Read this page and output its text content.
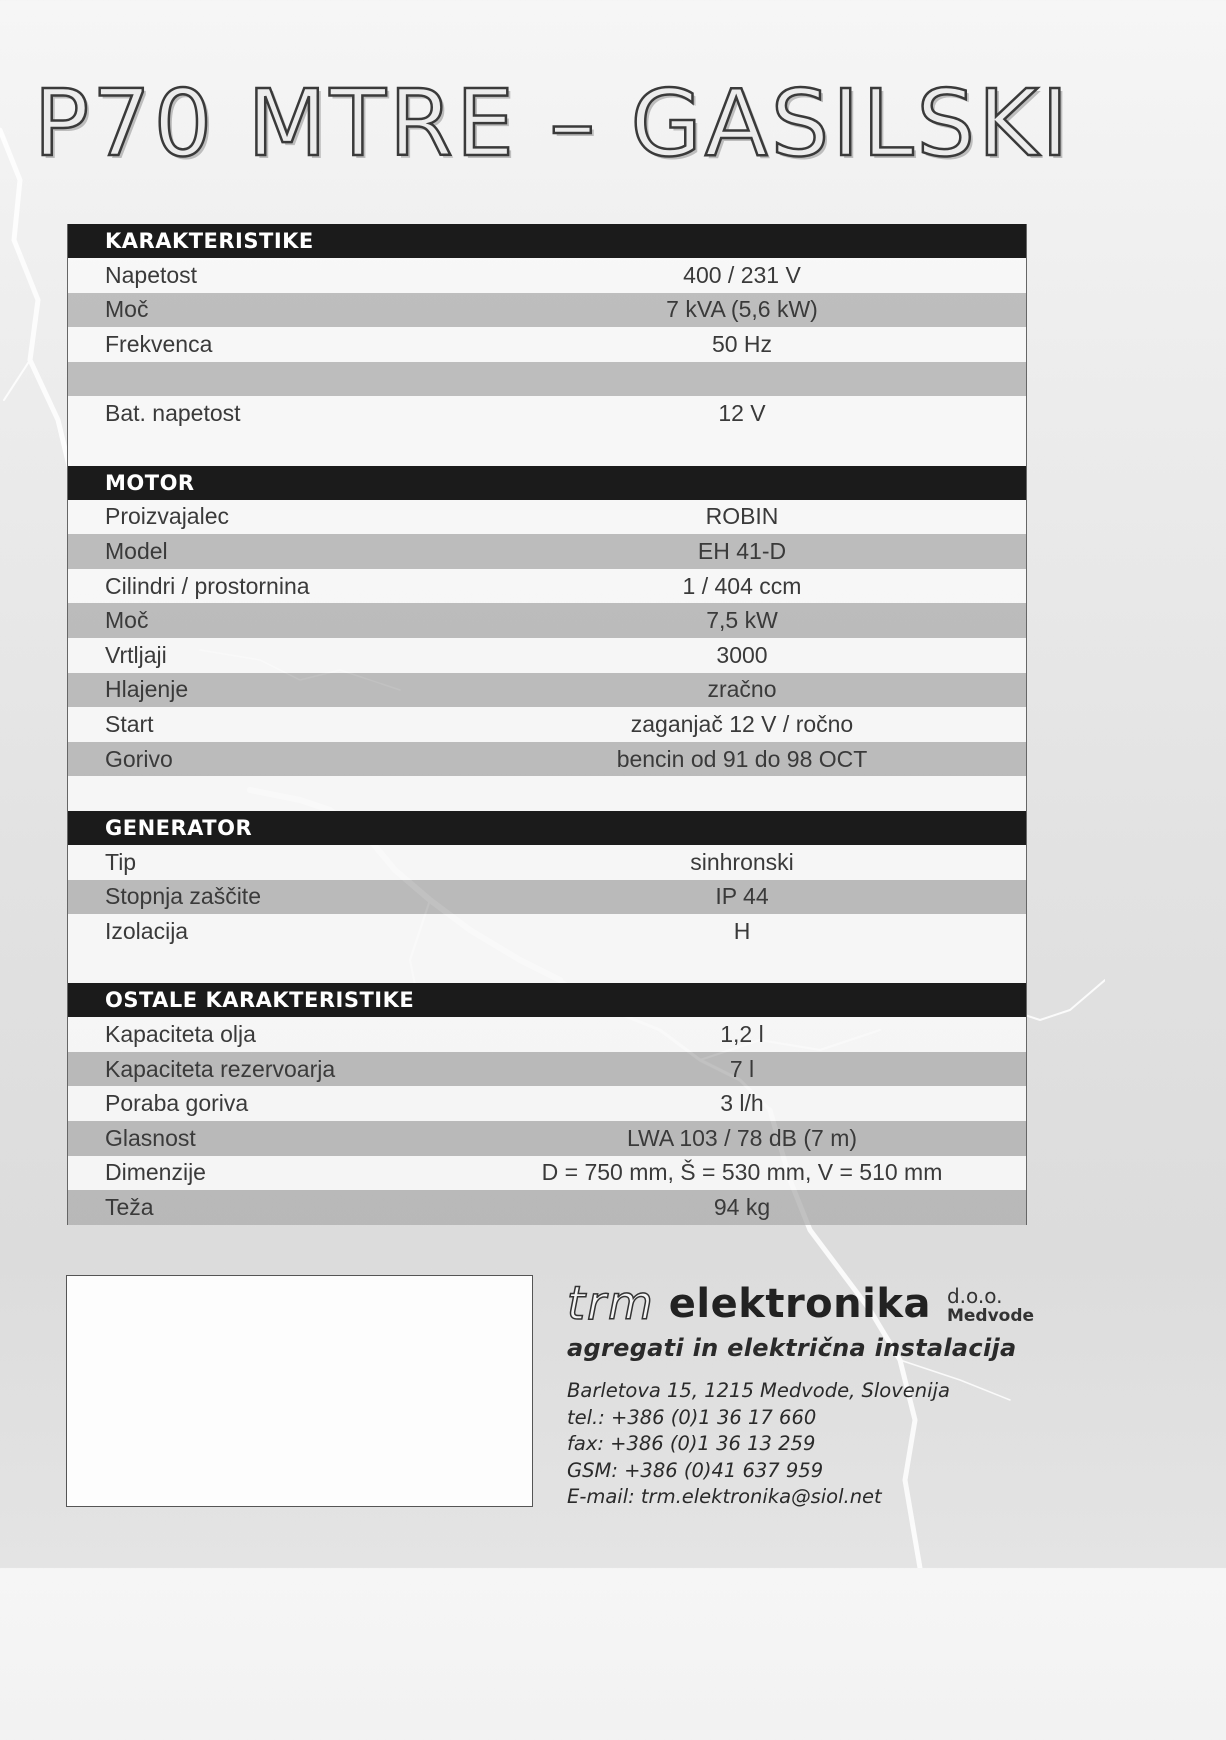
P70 MTRE – GASILSKI
KARAKTERISTIKE
Napetost	400 / 231 V
Moč	7 kVA (5,6 kW)
Frekvenca	50 Hz
Bat. napetost	12 V
MOTOR
Proizvajalec	ROBIN
Model	EH 41-D
Cilindri / prostornina	1 / 404 ccm
Moč	7,5 kW
Vrtljaji	3000
Hlajenje	zračno
Start	zaganjač 12 V / ročno
Gorivo	bencin od 91 do 98 OCT
GENERATOR
Tip	sinhronski
Stopnja zaščite	IP 44
Izolacija	H
OSTALE KARAKTERISTIKE
Kapaciteta olja	1,2 l
Kapaciteta rezervoarja	7 l
Poraba goriva	3 l/h
Glasnost	LWA 103 / 78 dB (7 m)
Dimenzije	D = 750 mm, Š = 530 mm, V = 510 mm
Teža	94 kg
trm elektronika d.o.o.
Medvode
agregati in električna instalacija
Barletova 15, 1215 Medvode, Slovenija
tel.: +386 (0)1 36 17 660
fax: +386 (0)1 36 13 259
GSM: +386 (0)41 637 959
E-mail: trm.elektronika@siol.net
